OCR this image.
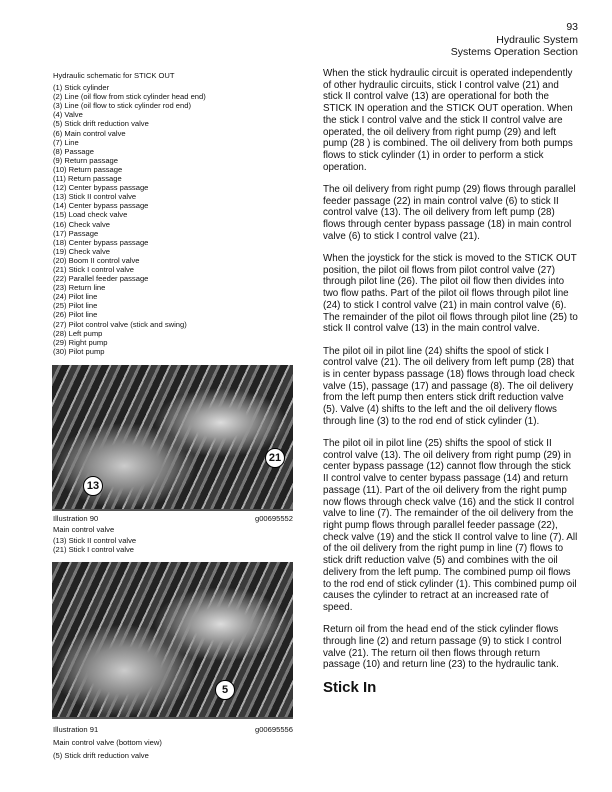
93
Hydraulic System
Systems Operation Section
Hydraulic schematic for STICK OUT
(1) Stick cylinder
(2) Line (oil flow from stick cylinder head end)
(3) Line (oil flow to stick cylinder rod end)
(4) Valve
(5) Stick drift reduction valve
(6) Main control valve
(7) Line
(8) Passage
(9) Return passage
(10) Return passage
(11) Return passage
(12) Center bypass passage
(13) Stick II control valve
(14) Center bypass passage
(15) Load check valve
(16) Check valve
(17) Passage
(18) Center bypass passage
(19) Check valve
(20) Boom II control valve
(21) Stick I control valve
(22) Parallel feeder passage
(23) Return line
(24) Pilot line
(25) Pilot line
(26) Pilot line
(27) Pilot control valve (stick and swing)
(28) Left pump
(29) Right pump
(30) Pilot pump
13
21
Illustration 90	g00695552
Main control valve
(13) Stick II control valve
(21) Stick I control valve
5
Illustration 91	g00695556
Main control valve (bottom view)
(5) Stick drift reduction valve

When the stick hydraulic circuit is operated independently of other hydraulic circuits, stick I control valve (21) and stick II control valve (13) are operational for both the STICK IN operation and the STICK OUT operation. When the stick I control valve and the stick II control valve are operated, the oil delivery from right pump (29) and left pump (28 ) is combined. The oil delivery from both pumps flows to stick cylinder (1) in order to perform a stick operation.

The oil delivery from right pump (29) flows through parallel feeder passage (22) in main control valve (6) to stick II control valve (13). The oil delivery from left pump (28) flows through center bypass passage (18) in main control valve (6) to stick I control valve (21).

When the joystick for the stick is moved to the STICK OUT position, the pilot oil flows from pilot control valve (27) through pilot line (26). The pilot oil flow then divides into two flow paths. Part of the pilot oil flows through pilot line (24) to stick I control valve (21) in main control valve (6). The remainder of the pilot oil flows through pilot line (25) to stick II control valve (13) in the main control valve.

The pilot oil in pilot line (24) shifts the spool of stick I control valve (21). The oil delivery from left pump (28) that is in center bypass passage (18) flows through load check valve (15), passage (17) and passage (8). The oil delivery from the left pump then enters stick drift reduction valve (5). Valve (4) shifts to the left and the oil delivery flows through line (3) to the rod end of stick cylinder (1).

The pilot oil in pilot line (25) shifts the spool of stick II control valve (13). The oil delivery from right pump (29) in center bypass passage (12) cannot flow through the stick II control valve to center bypass passage (14) and return passage (11). Part of the oil delivery from the right pump now flows through check valve (16) and the stick II control valve to line (7). The remainder of the oil delivery from the right pump flows through parallel feeder passage (22), check valve (19) and the stick II control valve to line (7). All of the oil delivery from the right pump in line (7) flows to stick drift reduction valve (5) and combines with the oil delivery from the left pump. The combined pump oil flows to the rod end of stick cylinder (1). This combined pump oil causes the cylinder to retract at an increased rate of speed.

Return oil from the head end of the stick cylinder flows through line (2) and return passage (9) to stick I control valve (21). The return oil then flows through return passage (10) and return line (23) to the hydraulic tank.

Stick In
